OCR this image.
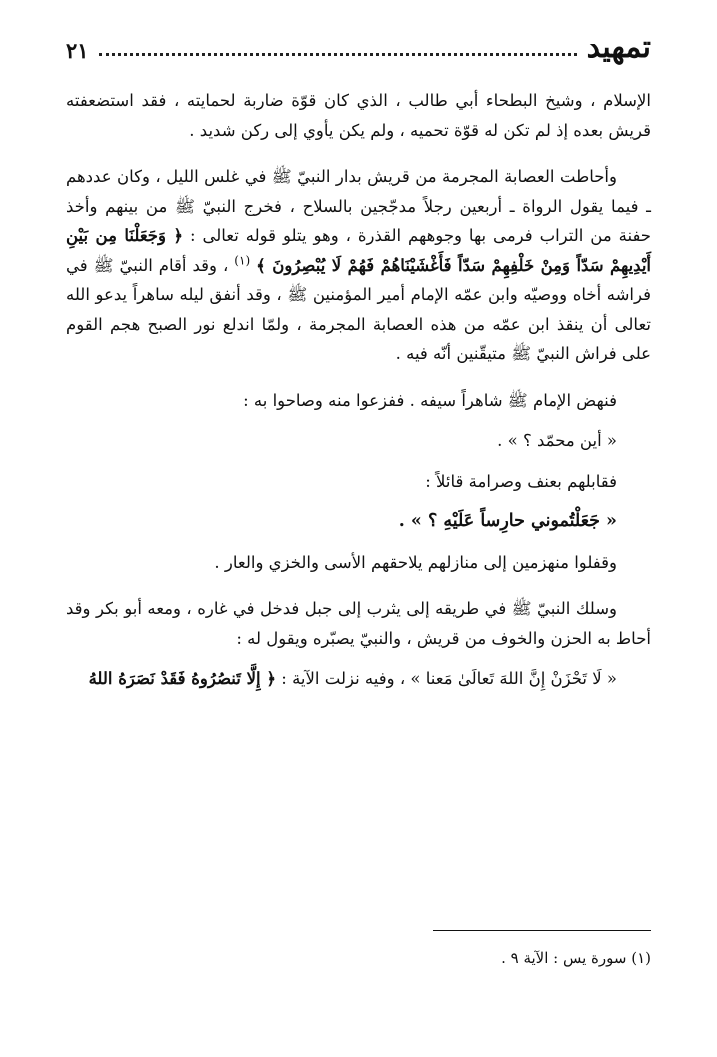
تمهيد
٢١

الإسلام ، وشيخ البطحاء أبي طالب ، الذي كان قوّة ضاربة لحمايته ، فقد استضعفته قريش بعده إذ لم تكن له قوّة تحميه ، ولم يكن يأوي إلى ركن شديد .

وأحاطت العصابة المجرمة من قريش بدار النبيّ ﷺ في غلس الليل ، وكان عددهم ـ فيما يقول الرواة ـ أربعين رجلاً مدجّجين بالسلاح ، فخرج النبيّ ﷺ من بينهم وأخذ حفنة من التراب فرمى بها وجوههم القذرة ، وهو يتلو قوله تعالى : ﴿ وَجَعَلْنَا مِن بَيْنِ أَيْدِيهِمْ سَدّاً وَمِنْ خَلْفِهِمْ سَدّاً فَأَغْشَيْنَاهُمْ فَهُمْ لَا يُبْصِرُونَ ﴾ $^{(١)}$ ، وقد أقام النبيّ ﷺ في فراشه أخاه ووصيّه وابن عمّه الإمام أمير المؤمنين ﷺ ، وقد أنفق ليله ساهراً يدعو الله تعالى أن ينقذ ابن عمّه من هذه العصابة المجرمة ، ولمّا اندلع نور الصبح هجم القوم على فراش النبيّ ﷺ متيقّنين أنّه فيه .

فنهض الإمام ﷺ شاهراً سيفه . ففزعوا منه وصاحوا به :

« أين محمّد ؟ » .

فقابلهم بعنف وصرامة قائلاً :

« جَعَلْتُموني حارِساً عَلَيْهِ ؟ » .

وقفلوا منهزمين إلى منازلهم يلاحقهم الأسى والخزي والعار .

وسلك النبيّ ﷺ في طريقه إلى يثرب إلى جبل فدخل في غاره ، ومعه أبو بكر وقد أحاط به الحزن والخوف من قريش ، والنبيّ يصبّره ويقول له :

« لَا تَحْزَنْ إِنَّ اللهَ تَعالَىٰ مَعنا » ، وفيه نزلت الآية : ﴿ إِلَّا تَنصُرُوهُ فَقَدْ نَصَرَهُ اللهُ

(١) سورة يس : الآية ٩ .
